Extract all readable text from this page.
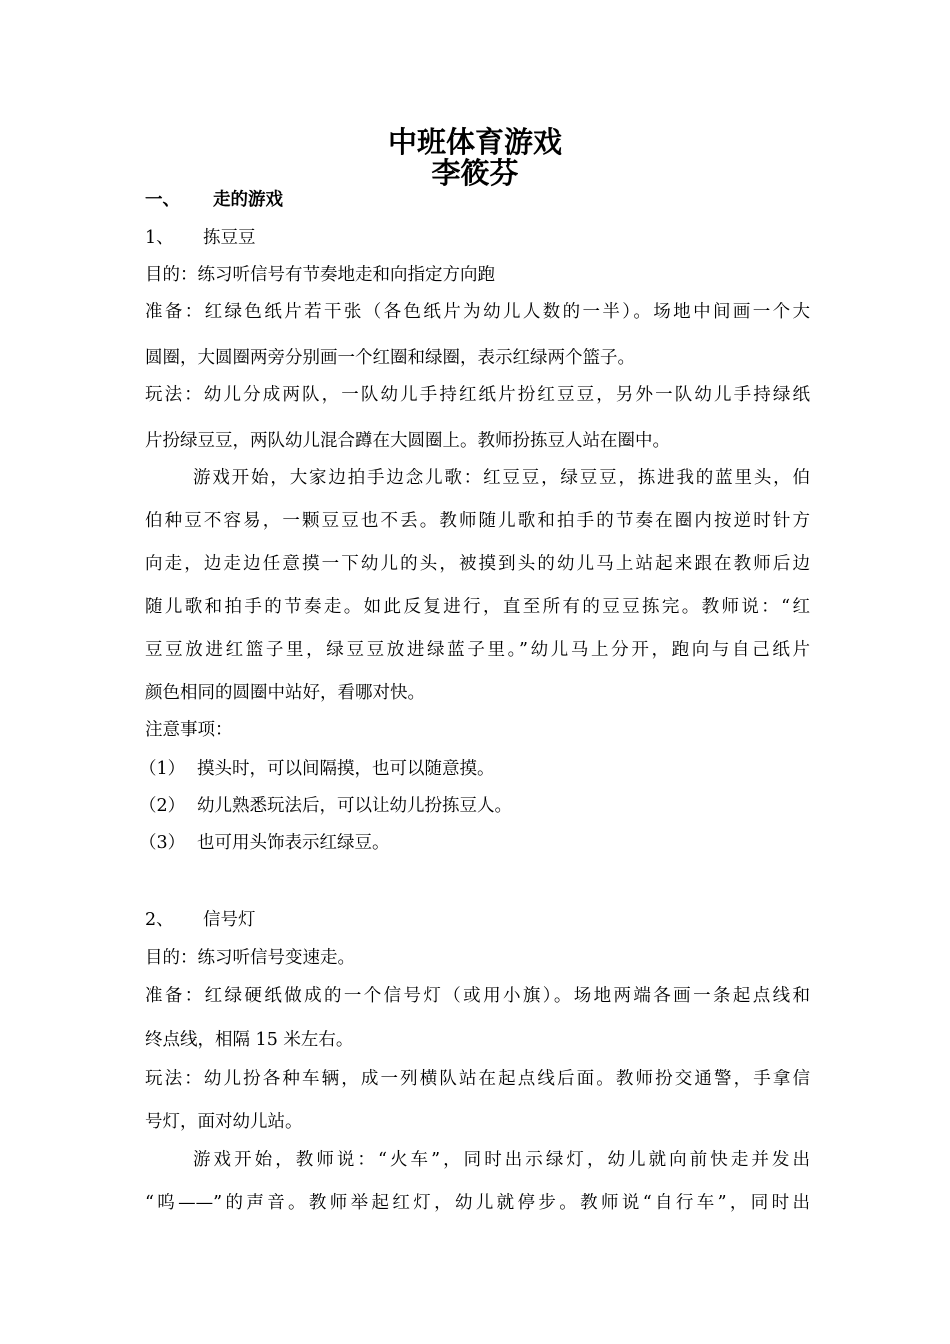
中班体育游戏
李筱芬
一、 走的游戏
1、 拣豆豆
目的：练习听信号有节奏地走和向指定方向跑
准备：红绿色纸片若干张（各色纸片为幼儿人数的一半）。场地中间画一个大
圆圈，大圆圈两旁分别画一个红圈和绿圈，表示红绿两个篮子。
玩法：幼儿分成两队，一队幼儿手持红纸片扮红豆豆，另外一队幼儿手持绿纸
片扮绿豆豆，两队幼儿混合蹲在大圆圈上。教师扮拣豆人站在圈中。
游戏开始，大家边拍手边念儿歌：红豆豆，绿豆豆，拣进我的蓝里头，伯
伯种豆不容易，一颗豆豆也不丢。教师随儿歌和拍手的节奏在圈内按逆时针方
向走，边走边任意摸一下幼儿的头，被摸到头的幼儿马上站起来跟在教师后边
随儿歌和拍手的节奏走。如此反复进行，直至所有的豆豆拣完。教师说：“红
豆豆放进红篮子里，绿豆豆放进绿蓝子里。”幼儿马上分开，跑向与自己纸片
颜色相同的圆圈中站好，看哪对快。
注意事项：
（1） 摸头时，可以间隔摸，也可以随意摸。
（2） 幼儿熟悉玩法后，可以让幼儿扮拣豆人。
（3） 也可用头饰表示红绿豆。
2、 信号灯
目的：练习听信号变速走。
准备：红绿硬纸做成的一个信号灯（或用小旗）。场地两端各画一条起点线和
终点线，相隔 15 米左右。
玩法：幼儿扮各种车辆，成一列横队站在起点线后面。教师扮交通警，手拿信
号灯，面对幼儿站。
游戏开始，教师说：“火车”，同时出示绿灯，幼儿就向前快走并发出
“呜——”的声音。教师举起红灯，幼儿就停步。教师说“自行车”，同时出
